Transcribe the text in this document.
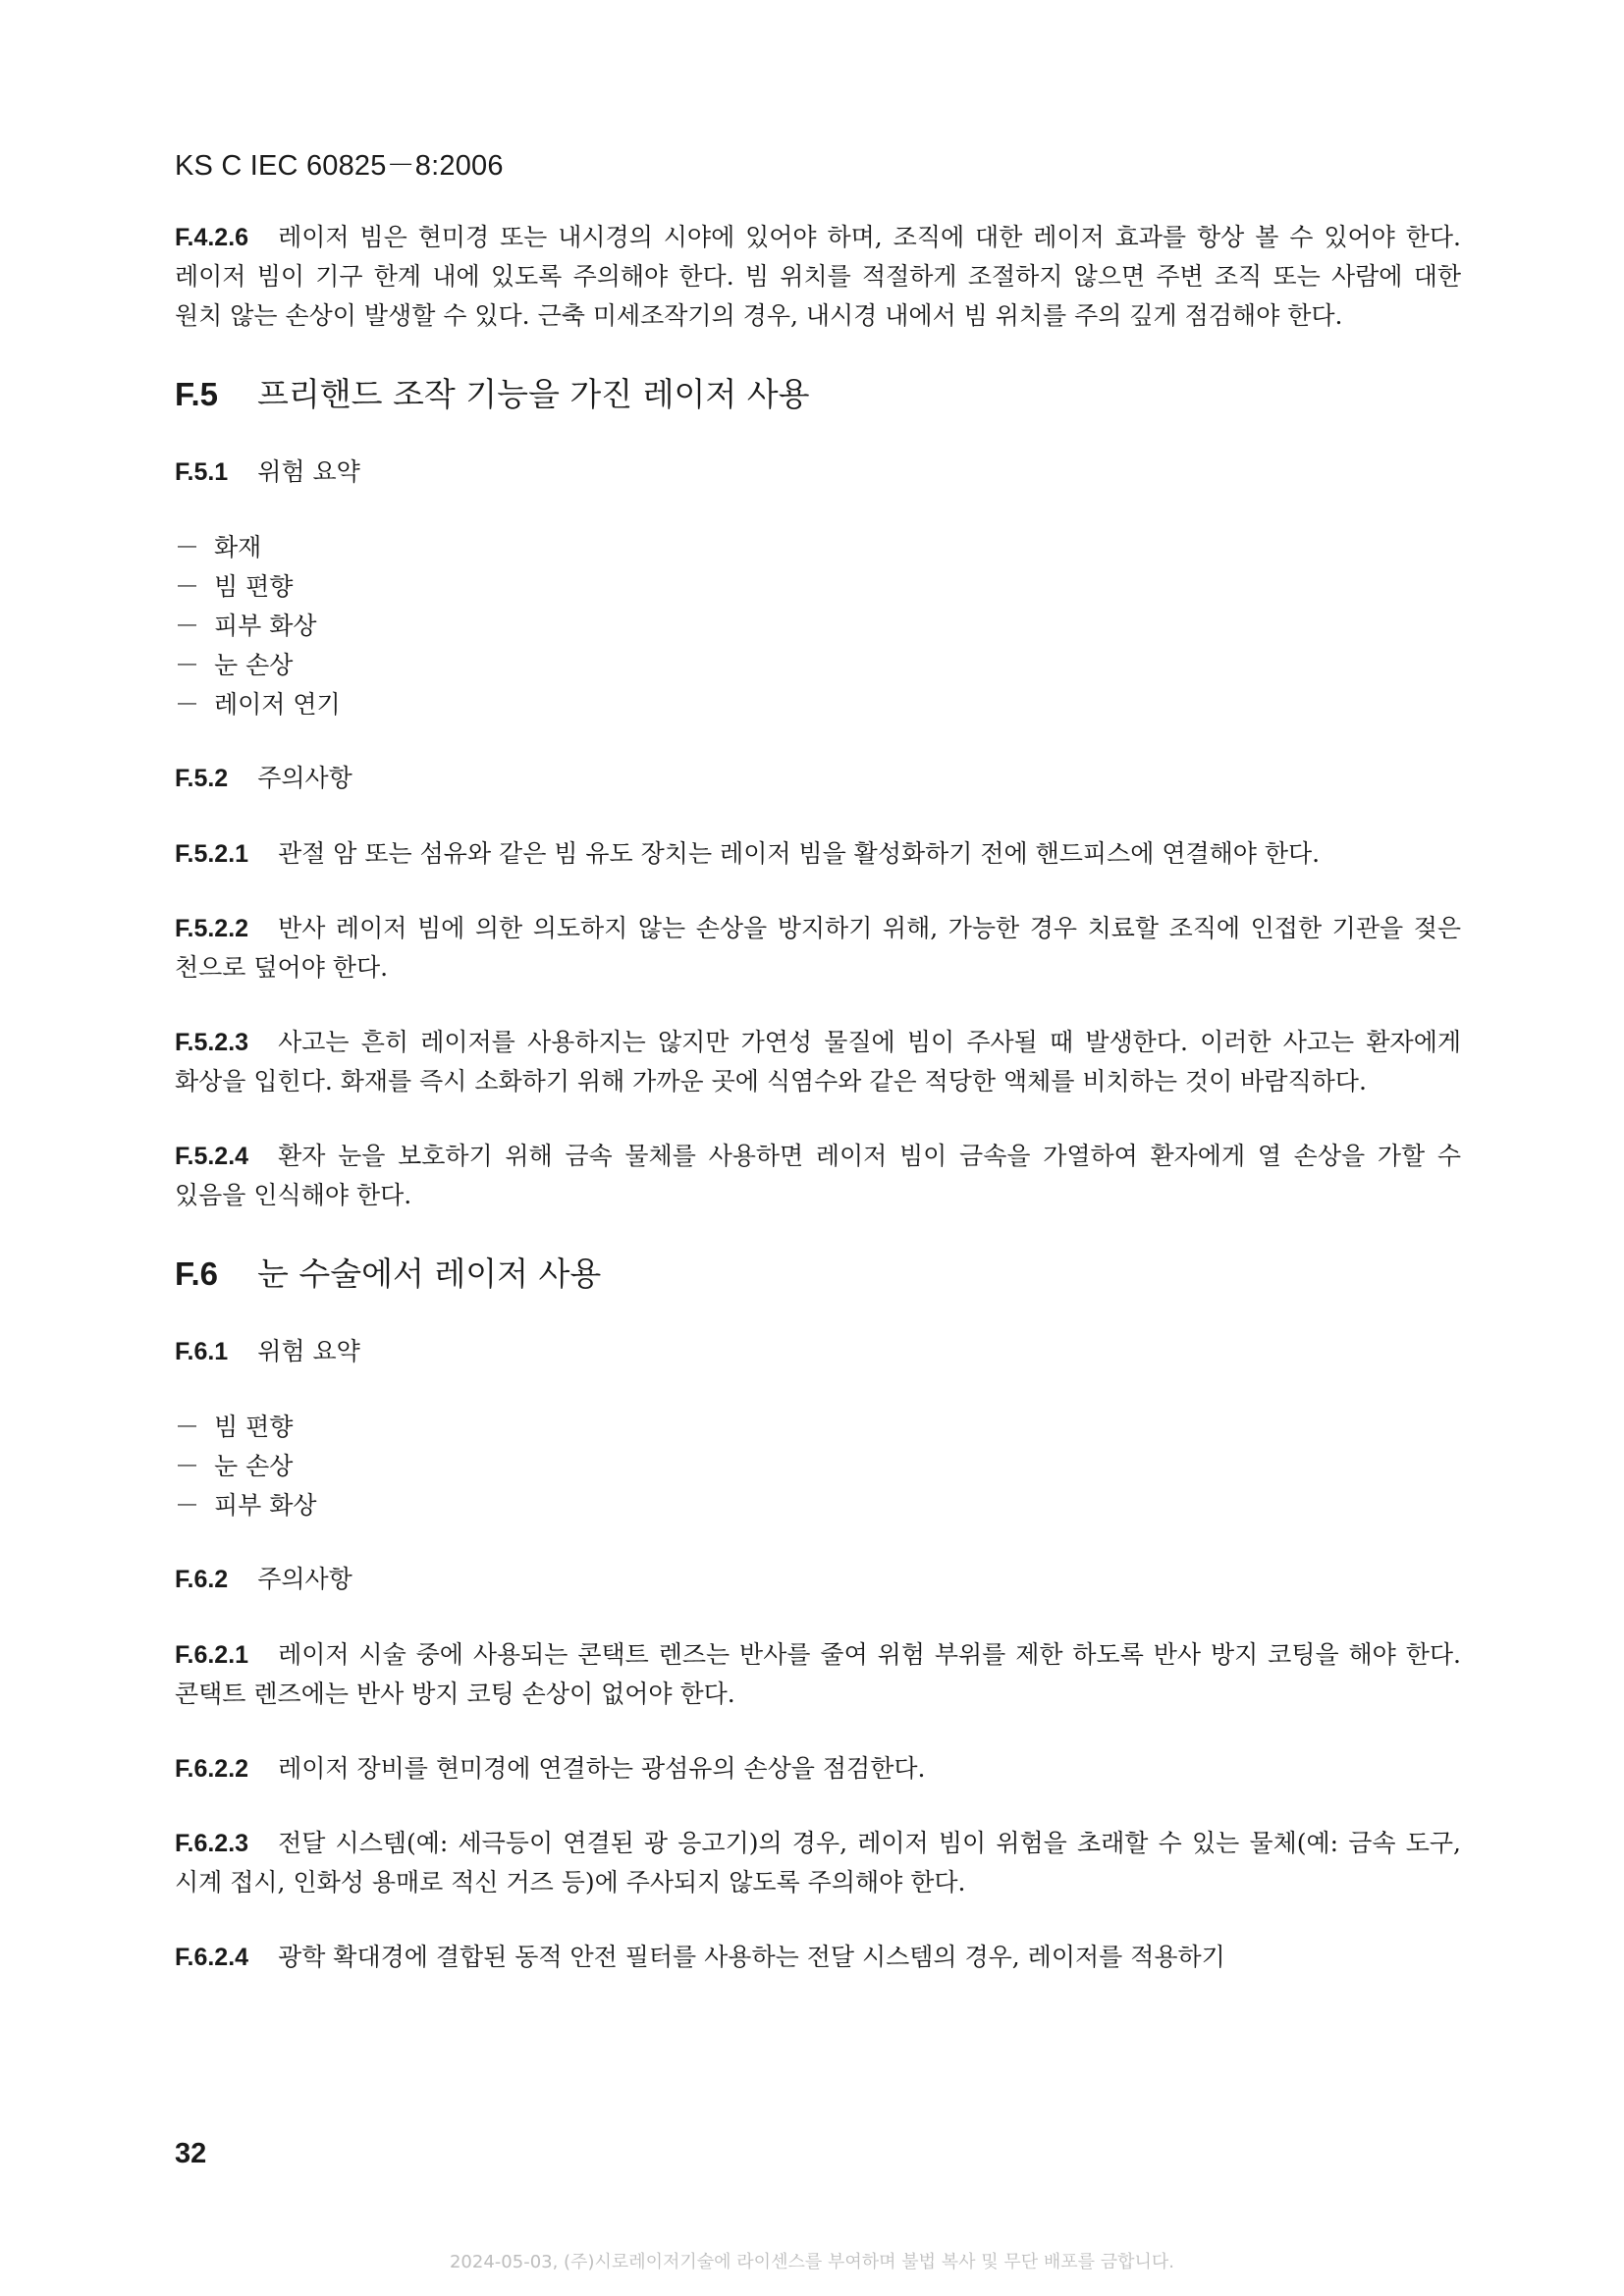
KS C IEC 60825－8:2006

F.4.2.6 레이저 빔은 현미경 또는 내시경의 시야에 있어야 하며, 조직에 대한 레이저 효과를 항상 볼 수 있어야 한다. 레이저 빔이 기구 한계 내에 있도록 주의해야 한다. 빔 위치를 적절하게 조절하지 않으면 주변 조직 또는 사람에 대한 원치 않는 손상이 발생할 수 있다. 근축 미세조작기의 경우, 내시경 내에서 빔 위치를 주의 깊게 점검해야 한다.

F.5 프리핸드 조작 기능을 가진 레이저 사용
F.5.1 위험 요약
－ 화재
－ 빔 편향
－ 피부 화상
－ 눈 손상
－ 레이저 연기
F.5.2 주의사항

F.5.2.1 관절 암 또는 섬유와 같은 빔 유도 장치는 레이저 빔을 활성화하기 전에 핸드피스에 연결해야 한다.

F.5.2.2 반사 레이저 빔에 의한 의도하지 않는 손상을 방지하기 위해, 가능한 경우 치료할 조직에 인접한 기관을 젖은 천으로 덮어야 한다.

F.5.2.3 사고는 흔히 레이저를 사용하지는 않지만 가연성 물질에 빔이 주사될 때 발생한다. 이러한 사고는 환자에게 화상을 입힌다. 화재를 즉시 소화하기 위해 가까운 곳에 식염수와 같은 적당한 액체를 비치하는 것이 바람직하다.

F.5.2.4 환자 눈을 보호하기 위해 금속 물체를 사용하면 레이저 빔이 금속을 가열하여 환자에게 열 손상을 가할 수 있음을 인식해야 한다.

F.6 눈 수술에서 레이저 사용
F.6.1 위험 요약
－ 빔 편향
－ 눈 손상
－ 피부 화상
F.6.2 주의사항

F.6.2.1 레이저 시술 중에 사용되는 콘택트 렌즈는 반사를 줄여 위험 부위를 제한 하도록 반사 방지 코팅을 해야 한다. 콘택트 렌즈에는 반사 방지 코팅 손상이 없어야 한다.

F.6.2.2 레이저 장비를 현미경에 연결하는 광섬유의 손상을 점검한다.

F.6.2.3 전달 시스템(예: 세극등이 연결된 광 응고기)의 경우, 레이저 빔이 위험을 초래할 수 있는 물체(예: 금속 도구, 시계 접시, 인화성 용매로 적신 거즈 등)에 주사되지 않도록 주의해야 한다.

F.6.2.4 광학 확대경에 결합된 동적 안전 필터를 사용하는 전달 시스템의 경우, 레이저를 적용하기

32
2024-05-03, (주)시로레이저기술에 라이센스를 부여하며 불법 복사 및 무단 배포를 금합니다.
